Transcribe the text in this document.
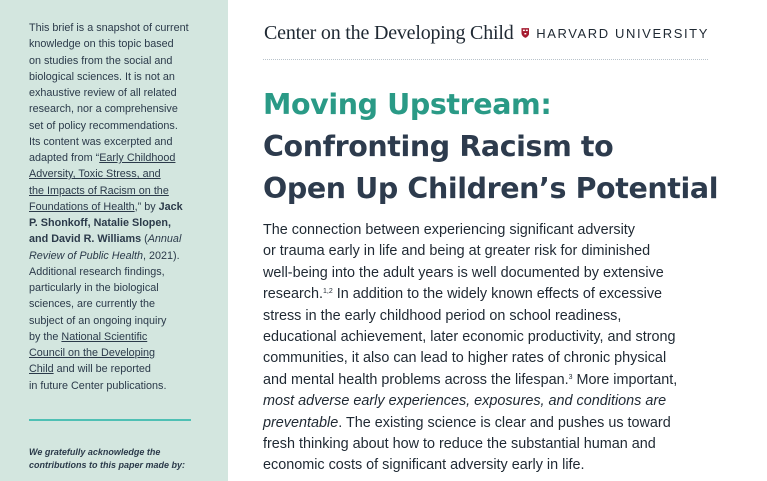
This brief is a snapshot of current
knowledge on this topic based
on studies from the social and
biological sciences. It is not an
exhaustive review of all related
research, nor a comprehensive
set of policy recommendations.
Its content was excerpted and
adapted from “Early Childhood
Adversity, Toxic Stress, and
the Impacts of Racism on the
Foundations of Health,” by Jack
P. Shonkoff, Natalie Slopen,
and David R. Williams (Annual
Review of Public Health, 2021).
Additional research findings,
particularly in the biological
sciences, are currently the
subject of an ongoing inquiry
by the National Scientific
Council on the Developing
Child and will be reported
in future Center publications.

We gratefully acknowledge the
contributions to this paper made by:

Center on the Developing Child HARVARD UNIVERSITY
Moving Upstream:
Confronting Racism to
Open Up Children’s Potential

The connection between experiencing significant adversity
or trauma early in life and being at greater risk for diminished
well-being into the adult years is well documented by extensive
research.$^{1,2}$ In addition to the widely known effects of excessive
stress in the early childhood period on school readiness,
educational achievement, later economic productivity, and strong
communities, it also can lead to higher rates of chronic physical
and mental health problems across the lifespan.$^3$ More important,
most adverse early experiences, exposures, and conditions are
preventable. The existing science is clear and pushes us toward
fresh thinking about how to reduce the substantial human and
economic costs of significant adversity early in life.
